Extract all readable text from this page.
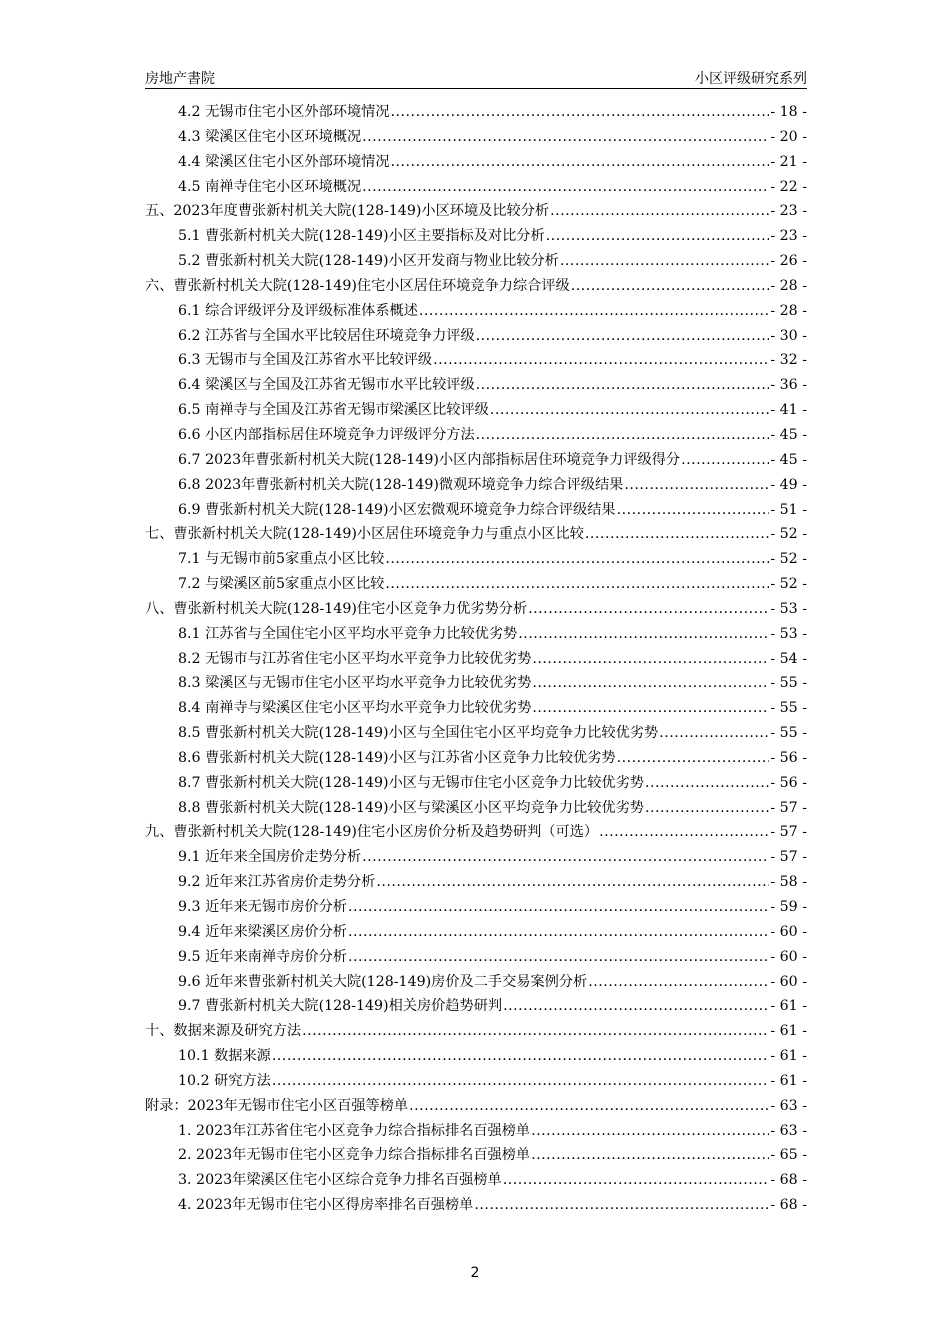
房地产書院	小区评级研究系列
4.2 无锡市住宅小区外部环境情况 .....	- 18 -
4.3 梁溪区住宅小区环境概况 .....	- 20 -
4.4 梁溪区住宅小区外部环境情况 .....	- 21 -
4.5 南禅寺住宅小区环境概况 .....	- 22 -
五、2023年度曹张新村机关大院(128-149)小区环境及比较分析 .....	- 23 -
5.1 曹张新村机关大院(128-149)小区主要指标及对比分析 .....	- 23 -
5.2 曹张新村机关大院(128-149)小区开发商与物业比较分析 .....	- 26 -
六、曹张新村机关大院(128-149)住宅小区居住环境竞争力综合评级 .....	- 28 -
6.1 综合评级评分及评级标准体系概述 .....	- 28 -
6.2 江苏省与全国水平比较居住环境竞争力评级 .....	- 30 -
6.3 无锡市与全国及江苏省水平比较评级 .....	- 32 -
6.4 梁溪区与全国及江苏省无锡市水平比较评级 .....	- 36 -
6.5 南禅寺与全国及江苏省无锡市梁溪区比较评级 .....	- 41 -
6.6 小区内部指标居住环境竞争力评级评分方法 .....	- 45 -
6.7 2023年曹张新村机关大院(128-149)小区内部指标居住环境竞争力评级得分 .....	- 45 -
6.8 2023年曹张新村机关大院(128-149)微观环境竞争力综合评级结果 .....	- 49 -
6.9 曹张新村机关大院(128-149)小区宏微观环境竞争力综合评级结果 .....	- 51 -
七、曹张新村机关大院(128-149)小区居住环境竞争力与重点小区比较 .....	- 52 -
7.1 与无锡市前5家重点小区比较 .....	- 52 -
7.2 与梁溪区前5家重点小区比较 .....	- 52 -
八、曹张新村机关大院(128-149)住宅小区竞争力优劣势分析 .....	- 53 -
8.1 江苏省与全国住宅小区平均水平竞争力比较优劣势 .....	- 53 -
8.2 无锡市与江苏省住宅小区平均水平竞争力比较优劣势 .....	- 54 -
8.3 梁溪区与无锡市住宅小区平均水平竞争力比较优劣势 .....	- 55 -
8.4 南禅寺与梁溪区住宅小区平均水平竞争力比较优劣势 .....	- 55 -
8.5 曹张新村机关大院(128-149)小区与全国住宅小区平均竞争力比较优劣势 .....	- 55 -
8.6 曹张新村机关大院(128-149)小区与江苏省小区竞争力比较优劣势 .....	- 56 -
8.7 曹张新村机关大院(128-149)小区与无锡市住宅小区竞争力比较优劣势 .....	- 56 -
8.8 曹张新村机关大院(128-149)小区与梁溪区小区平均竞争力比较优劣势 .....	- 57 -
九、曹张新村机关大院(128-149)住宅小区房价分析及趋势研判（可选） .....	- 57 -
9.1 近年来全国房价走势分析 .....	- 57 -
9.2 近年来江苏省房价走势分析 .....	- 58 -
9.3 近年来无锡市房价分析 .....	- 59 -
9.4 近年来梁溪区房价分析 .....	- 60 -
9.5 近年来南禅寺房价分析 .....	- 60 -
9.6 近年来曹张新村机关大院(128-149)房价及二手交易案例分析 .....	- 60 -
9.7 曹张新村机关大院(128-149)相关房价趋势研判 .....	- 61 -
十、数据来源及研究方法 .....	- 61 -
10.1 数据来源 .....	- 61 -
10.2 研究方法 .....	- 61 -
附录：2023年无锡市住宅小区百强等榜单 .....	- 63 -
1. 2023年江苏省住宅小区竞争力综合指标排名百强榜单 .....	- 63 -
2. 2023年无锡市住宅小区竞争力综合指标排名百强榜单 .....	- 65 -
3. 2023年梁溪区住宅小区综合竞争力排名百强榜单 .....	- 68 -
4. 2023年无锡市住宅小区得房率排名百强榜单 .....	- 68 -
2
